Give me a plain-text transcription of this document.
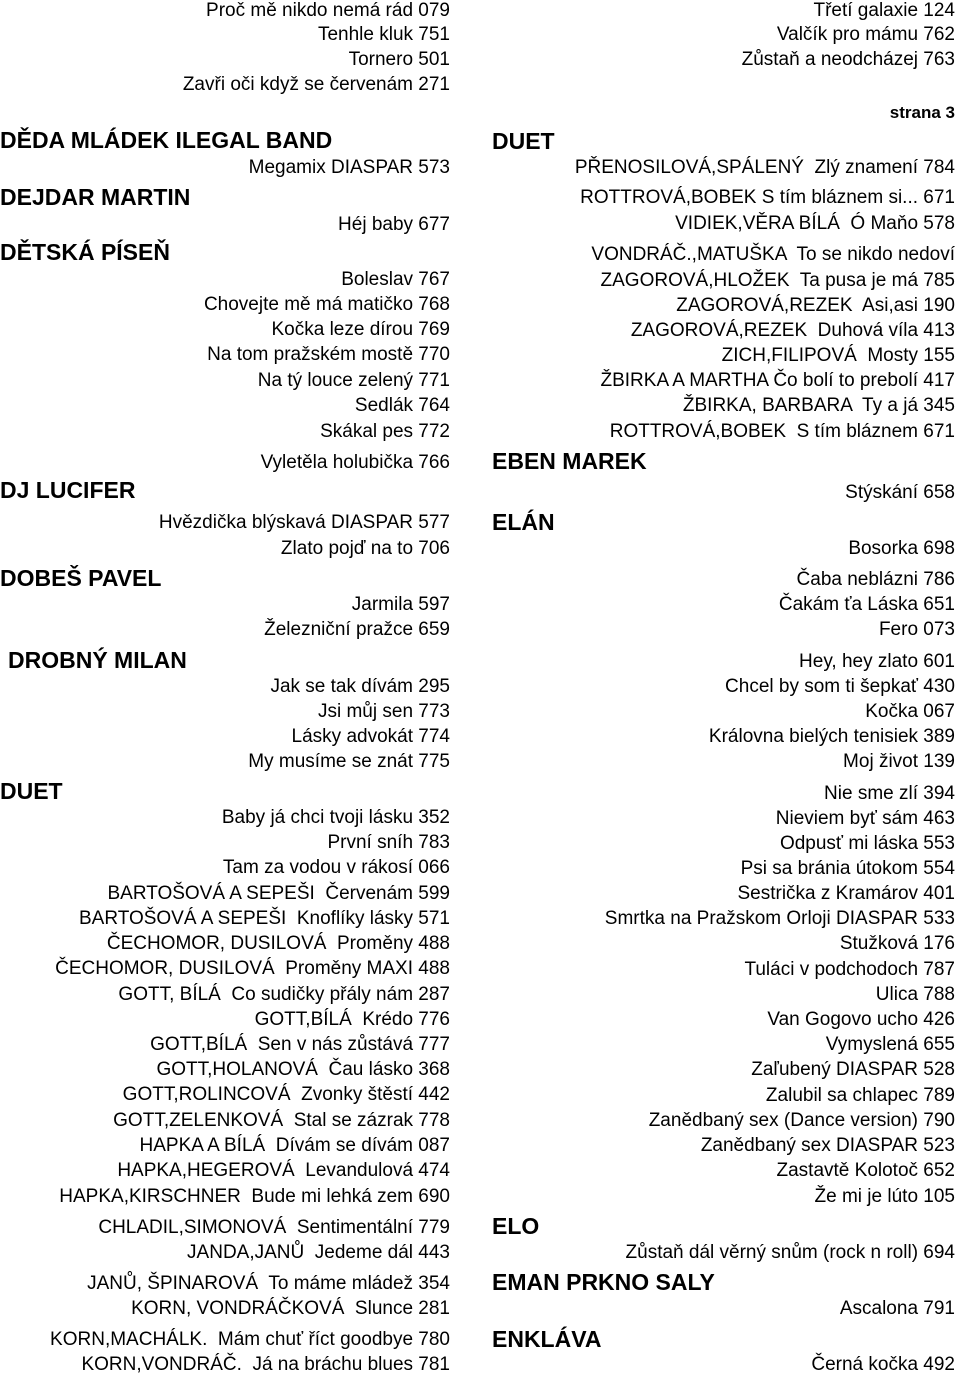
Proč mě nikdo nemá rád 079
Tenhle kluk 751
Tornero 501
Zavři oči když se červenám 271
DĚDA MLÁDEK ILEGAL BAND
Megamix DIASPAR 573
DEJDAR MARTIN
Héj baby 677
DĚTSKÁ PÍSEŇ
Boleslav 767
Chovejte mě má matičko 768
Kočka leze dírou 769
Na tom pražském mostě 770
Na tý louce zelený 771
Sedlák 764
Skákal pes 772
Vyletěla holubička 766
DJ LUCIFER
Hvězdička blýskavá DIASPAR 577
Zlato pojď na to 706
DOBEŠ PAVEL
Jarmila 597
Železniční pražce 659
DROBNÝ MILAN
Jak se tak dívám 295
Jsi můj sen 773
Lásky advokát 774
My musíme se znát 775
DUET
Baby já chci tvoji lásku 352
První sníh 783
Tam za vodou v rákosí 066
BARTOŠOVÁ A SEPEŠI  Červenám 599
BARTOŠOVÁ A SEPEŠI  Knoflíky lásky 571
ČECHOMOR, DUSILOVÁ  Proměny 488
ČECHOMOR, DUSILOVÁ  Proměny MAXI 488
GOTT, BÍLÁ  Co sudičky přály nám 287
GOTT,BÍLÁ  Krédo 776
GOTT,BÍLÁ  Sen v nás zůstává 777
GOTT,HOLANOVÁ  Čau lásko 368
GOTT,ROLINCOVÁ  Zvonky štěstí 442
GOTT,ZELENKOVÁ  Stal se zázrak 778
HAPKA A BÍLÁ  Dívám se dívám 087
HAPKA,HEGEROVÁ  Levandulová 474
HAPKA,KIRSCHNER  Bude mi lehká zem 690
CHLADIL,SIMONOVÁ  Sentimentální 779
JANDA,JANŮ  Jedeme dál 443
JANŮ, ŠPINAROVÁ  To máme mládež 354
KORN, VONDRÁČKOVÁ  Slunce 281
KORN,MACHÁLK.  Mám chuť říct goodbye 780
KORN,VONDRÁČ.  Já na bráchu blues 781
Třetí galaxie 124
Valčík pro mámu 762
Zůstaň a neodcházej 763
strana 3
DUET
PŘENOSILOVÁ,SPÁLENÝ  Zlý znamení 784
ROTTROVÁ,BOBEK S tím bláznem si... 671
VIDIEK,VĚRA BÍLÁ  Ó Maňo 578
VONDRÁČ.,MATUŠKA  To se nikdo nedoví
ZAGOROVÁ,HLOŽEK  Ta pusa je má 785
ZAGOROVÁ,REZEK  Asi,asi 190
ZAGOROVÁ,REZEK  Duhová víla 413
ZICH,FILIPOVÁ  Mosty 155
ŽBIRKA A MARTHA Čo bolí to prebolí 417
ŽBIRKA, BARBARA  Ty a já 345
ROTTROVÁ,BOBEK  S tím bláznem 671
EBEN MAREK
Stýskání 658
ELÁN
Bosorka 698
Čaba neblázni 786
Čakám ťa Láska 651
Fero 073
Hey, hey zlato 601
Chcel by som ti šepkať 430
Kočka 067
Královna bielých tenisiek 389
Moj život 139
Nie sme zlí 394
Nieviem byť sám 463
Odpusť mi láska 553
Psi sa bránia útokom 554
Sestrička z Kramárov 401
Smrtka na Pražskom Orloji DIASPAR 533
Stužková 176
Tuláci v podchodoch 787
Ulica 788
Van Gogovo ucho 426
Vymyslená 655
Zaľubený DIASPAR 528
Zalubil sa chlapec 789
Zanědbaný sex (Dance version) 790
Zanědbaný sex DIASPAR 523
Zastavtě Kolotoč 652
Že mi je lúto 105
ELO
Zůstaň dál věrný snům (rock n roll) 694
EMAN PRKNO SALY
Ascalona 791
ENKLÁVA
Černá kočka 492
